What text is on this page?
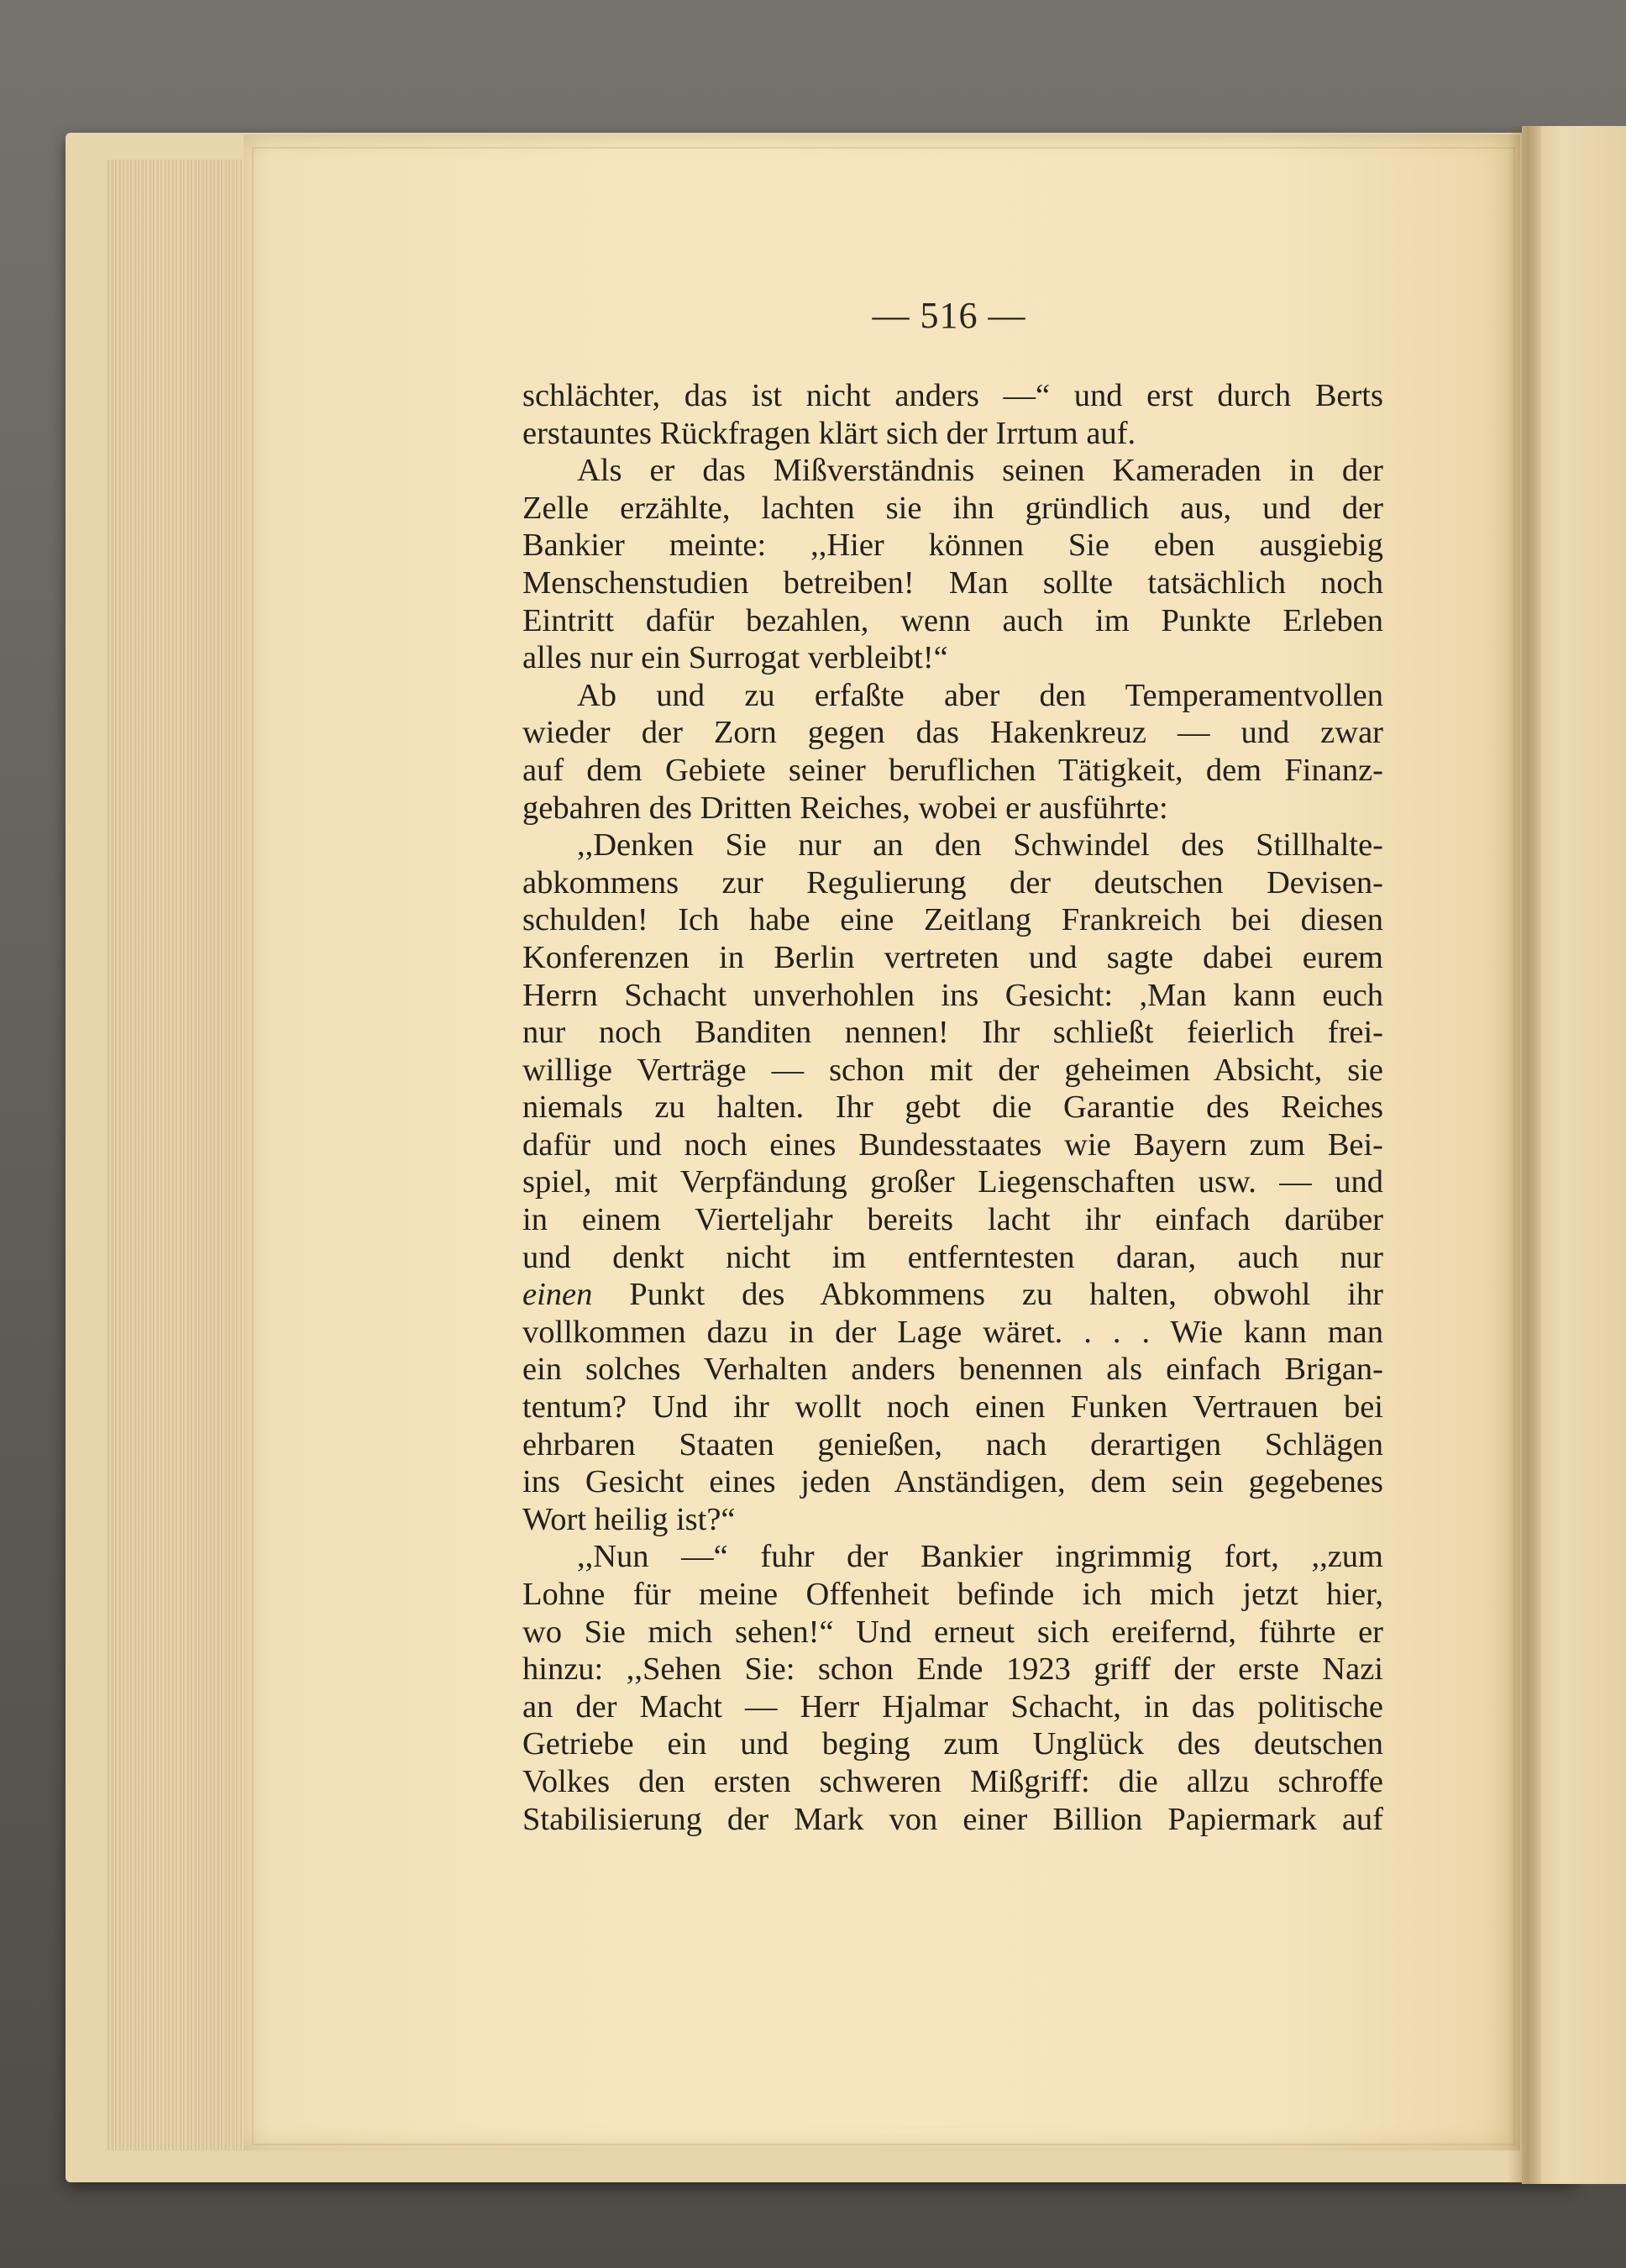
— 516 —
schlächter, das ist nicht anders —“ und erst durch Berts
erstauntes Rückfragen klärt sich der Irrtum auf.
Als er das Mißverständnis seinen Kameraden in der
Zelle erzählte, lachten sie ihn gründlich aus, und der
Bankier meinte: ,,Hier können Sie eben ausgiebig
Menschenstudien betreiben! Man sollte tatsächlich noch
Eintritt dafür bezahlen, wenn auch im Punkte Erleben
alles nur ein Surrogat verbleibt!“
Ab und zu erfaßte aber den Temperamentvollen
wieder der Zorn gegen das Hakenkreuz — und zwar
auf dem Gebiete seiner beruflichen Tätigkeit, dem Finanz-
gebahren des Dritten Reiches, wobei er ausführte:
,,Denken Sie nur an den Schwindel des Stillhalte-
abkommens zur Regulierung der deutschen Devisen-
schulden! Ich habe eine Zeitlang Frankreich bei diesen
Konferenzen in Berlin vertreten und sagte dabei eurem
Herrn Schacht unverhohlen ins Gesicht: ,Man kann euch
nur noch Banditen nennen! Ihr schließt feierlich frei-
willige Verträge — schon mit der geheimen Absicht, sie
niemals zu halten. Ihr gebt die Garantie des Reiches
dafür und noch eines Bundesstaates wie Bayern zum Bei-
spiel, mit Verpfändung großer Liegenschaften usw. — und
in einem Vierteljahr bereits lacht ihr einfach darüber
und denkt nicht im entferntesten daran, auch nur
einen Punkt des Abkommens zu halten, obwohl ihr
vollkommen dazu in der Lage wäret. . . . Wie kann man
ein solches Verhalten anders benennen als einfach Brigan-
tentum? Und ihr wollt noch einen Funken Vertrauen bei
ehrbaren Staaten genießen, nach derartigen Schlägen
ins Gesicht eines jeden Anständigen, dem sein gegebenes
Wort heilig ist?“
,,Nun —“ fuhr der Bankier ingrimmig fort, ,,zum
Lohne für meine Offenheit befinde ich mich jetzt hier,
wo Sie mich sehen!“ Und erneut sich ereifernd, führte er
hinzu: ,,Sehen Sie: schon Ende 1923 griff der erste Nazi
an der Macht — Herr Hjalmar Schacht, in das politische
Getriebe ein und beging zum Unglück des deutschen
Volkes den ersten schweren Mißgriff: die allzu schroffe
Stabilisierung der Mark von einer Billion Papiermark auf
